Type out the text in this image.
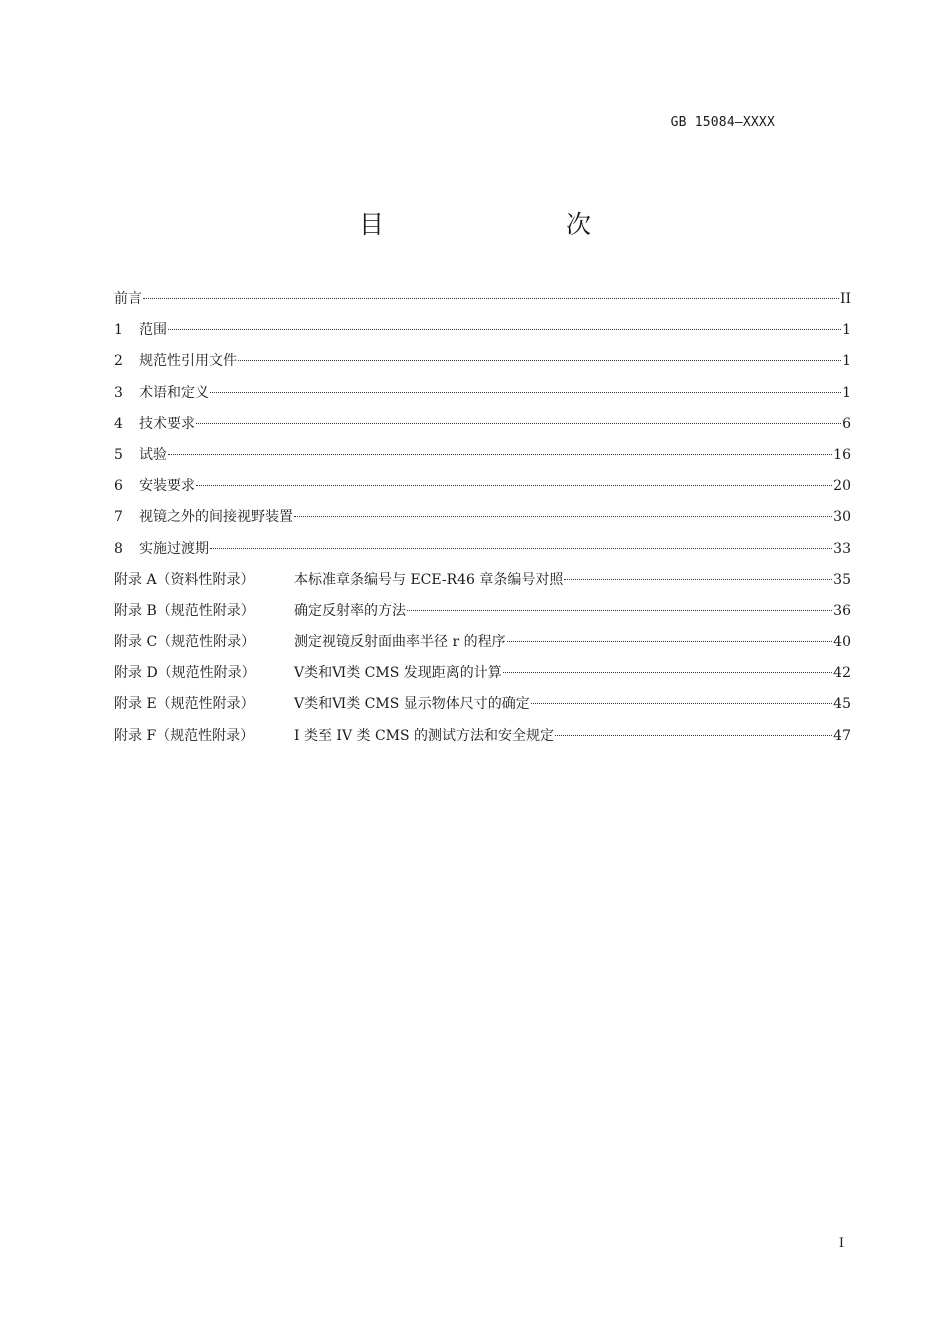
GB 15084—XXXX
目　　次
前言	II
1 范围	1
2 规范性引用文件	1
3 术语和定义	1
4 技术要求	6
5 试验	16
6 安装要求	20
7 视镜之外的间接视野装置	30
8 实施过渡期	33
附录 A（资料性附录）	本标准章条编号与 ECE-R46 章条编号对照	35
附录 B（规范性附录）	确定反射率的方法	36
附录 C（规范性附录）	测定视镜反射面曲率半径 r 的程序	40
附录 D（规范性附录）	Ⅴ类和Ⅵ类 CMS 发现距离的计算	42
附录 E（规范性附录）	Ⅴ类和Ⅵ类 CMS 显示物体尺寸的确定	45
附录 F（规范性附录）	I 类至 IV 类 CMS 的测试方法和安全规定	47
I
